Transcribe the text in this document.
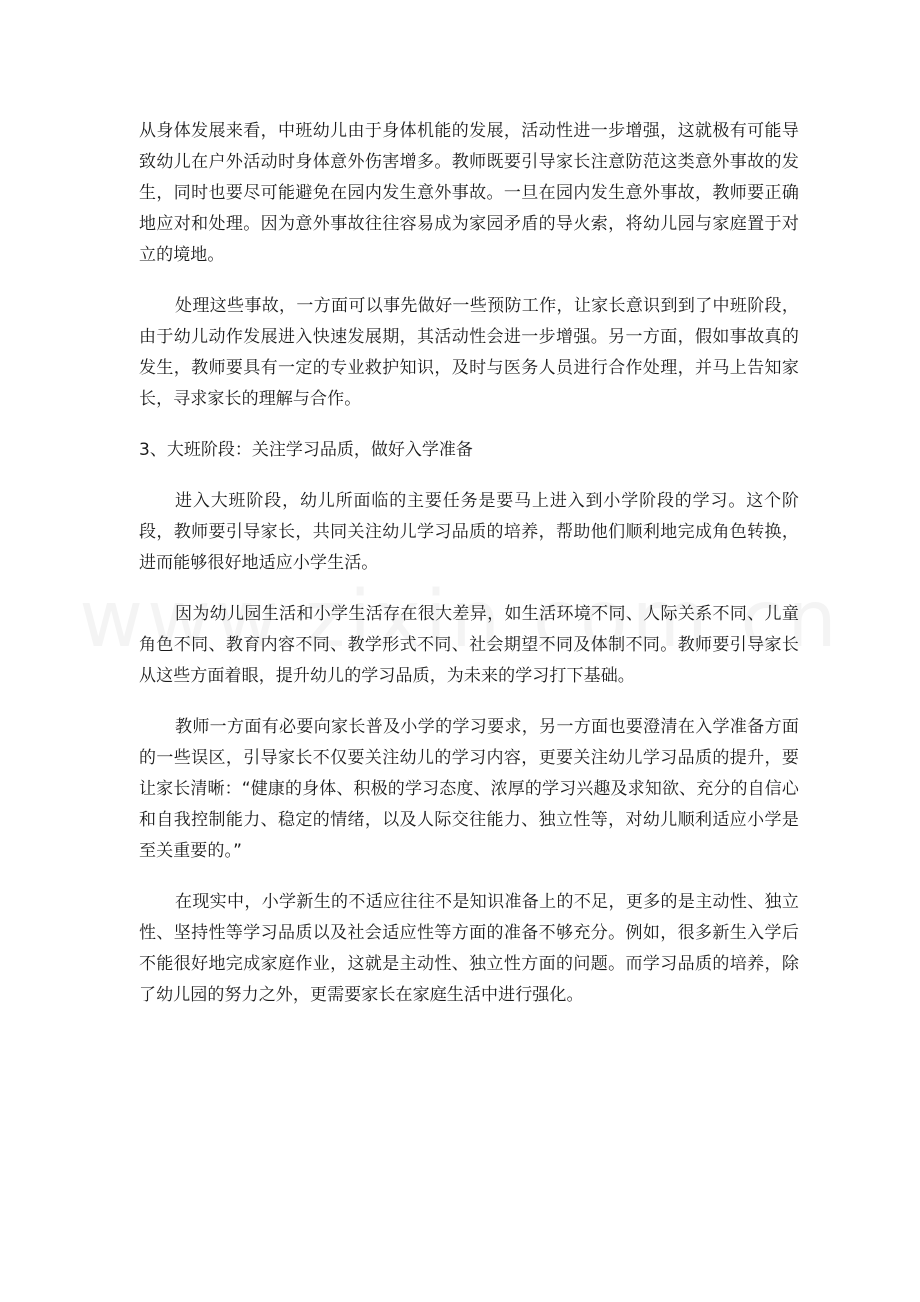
从身体发展来看，中班幼儿由于身体机能的发展，活动性进一步增强，这就极有可能导致幼儿在户外活动时身体意外伤害增多。教师既要引导家长注意防范这类意外事故的发生，同时也要尽可能避免在园内发生意外事故。一旦在园内发生意外事故，教师要正确地应对和处理。因为意外事故往往容易成为家园矛盾的导火索，将幼儿园与家庭置于对立的境地。

处理这些事故，一方面可以事先做好一些预防工作，让家长意识到到了中班阶段，由于幼儿动作发展进入快速发展期，其活动性会进一步增强。另一方面，假如事故真的发生，教师要具有一定的专业救护知识，及时与医务人员进行合作处理，并马上告知家长，寻求家长的理解与合作。

3、大班阶段：关注学习品质，做好入学准备

进入大班阶段，幼儿所面临的主要任务是要马上进入到小学阶段的学习。这个阶段，教师要引导家长，共同关注幼儿学习品质的培养，帮助他们顺利地完成角色转换，进而能够很好地适应小学生活。

因为幼儿园生活和小学生活存在很大差异，如生活环境不同、人际关系不同、儿童角色不同、教育内容不同、教学形式不同、社会期望不同及体制不同。教师要引导家长从这些方面着眼，提升幼儿的学习品质，为未来的学习打下基础。

教师一方面有必要向家长普及小学的学习要求，另一方面也要澄清在入学准备方面的一些误区，引导家长不仅要关注幼儿的学习内容，更要关注幼儿学习品质的提升，要让家长清晰：“健康的身体、积极的学习态度、浓厚的学习兴趣及求知欲、充分的自信心和自我控制能力、稳定的情绪，以及人际交往能力、独立性等，对幼儿顺利适应小学是至关重要的。”

在现实中，小学新生的不适应往往不是知识准备上的不足，更多的是主动性、独立性、坚持性等学习品质以及社会适应性等方面的准备不够充分。例如，很多新生入学后不能很好地完成家庭作业，这就是主动性、独立性方面的问题。而学习品质的培养，除了幼儿园的努力之外，更需要家长在家庭生活中进行强化。
